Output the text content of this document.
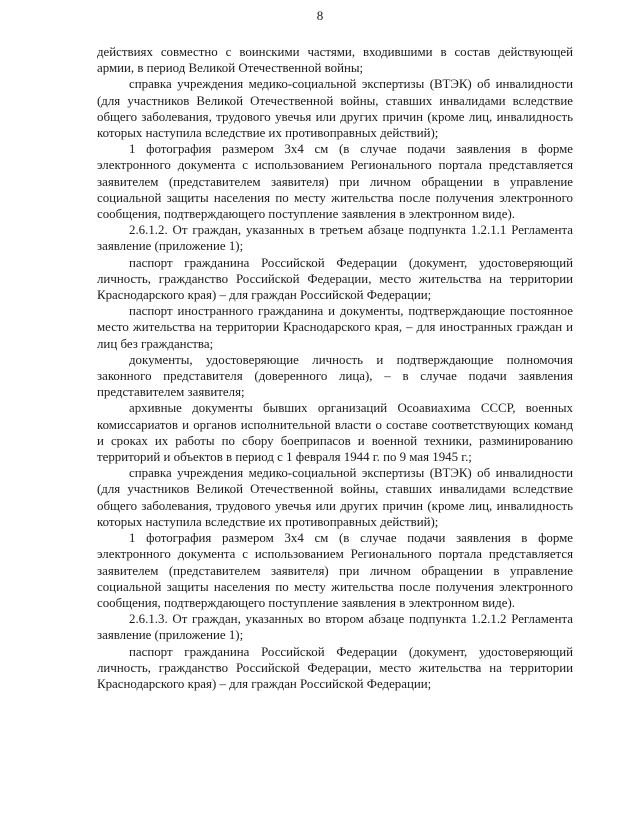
8

действиях совместно с воинскими частями, входившими в состав действующей армии, в период Великой Отечественной войны;

справка учреждения медико-социальной экспертизы (ВТЭК) об инвалидности (для участников Великой Отечественной войны, ставших инвалидами вследствие общего заболевания, трудового увечья или других причин (кроме лиц, инвалидность которых наступила вследствие их противоправных действий);

1 фотография размером 3х4 см (в случае подачи заявления в форме электронного документа с использованием Регионального портала представляется заявителем (представителем заявителя) при личном обращении в управление социальной защиты населения по месту жительства после получения электронного сообщения, подтверждающего поступление заявления в электронном виде).

2.6.1.2. От граждан, указанных в третьем абзаце подпункта 1.2.1.1 Регламента заявление (приложение 1);

паспорт гражданина Российской Федерации (документ, удостоверяющий личность, гражданство Российской Федерации, место жительства на территории Краснодарского края) – для граждан Российской Федерации;

паспорт иностранного гражданина и документы, подтверждающие постоянное место жительства на территории Краснодарского края, – для иностранных граждан и лиц без гражданства;

документы, удостоверяющие личность и подтверждающие полномочия законного представителя (доверенного лица), – в случае подачи заявления представителем заявителя;

архивные документы бывших организаций Осоавиахима СССР, военных комиссариатов и органов исполнительной власти о составе соответствующих команд и сроках их работы по сбору боеприпасов и военной техники, разминированию территорий и объектов в период с 1 февраля 1944 г. по 9 мая 1945 г.;

справка учреждения медико-социальной экспертизы (ВТЭК) об инвалидности (для участников Великой Отечественной войны, ставших инвалидами вследствие общего заболевания, трудового увечья или других причин (кроме лиц, инвалидность которых наступила вследствие их противоправных действий);

1 фотография размером 3х4 см (в случае подачи заявления в форме электронного документа с использованием Регионального портала представляется заявителем (представителем заявителя) при личном обращении в управление социальной защиты населения по месту жительства после получения электронного сообщения, подтверждающего поступление заявления в электронном виде).

2.6.1.3. От граждан, указанных во втором абзаце подпункта 1.2.1.2 Регламента заявление (приложение 1);

паспорт гражданина Российской Федерации (документ, удостоверяющий личность, гражданство Российской Федерации, место жительства на территории Краснодарского края) – для граждан Российской Федерации;
